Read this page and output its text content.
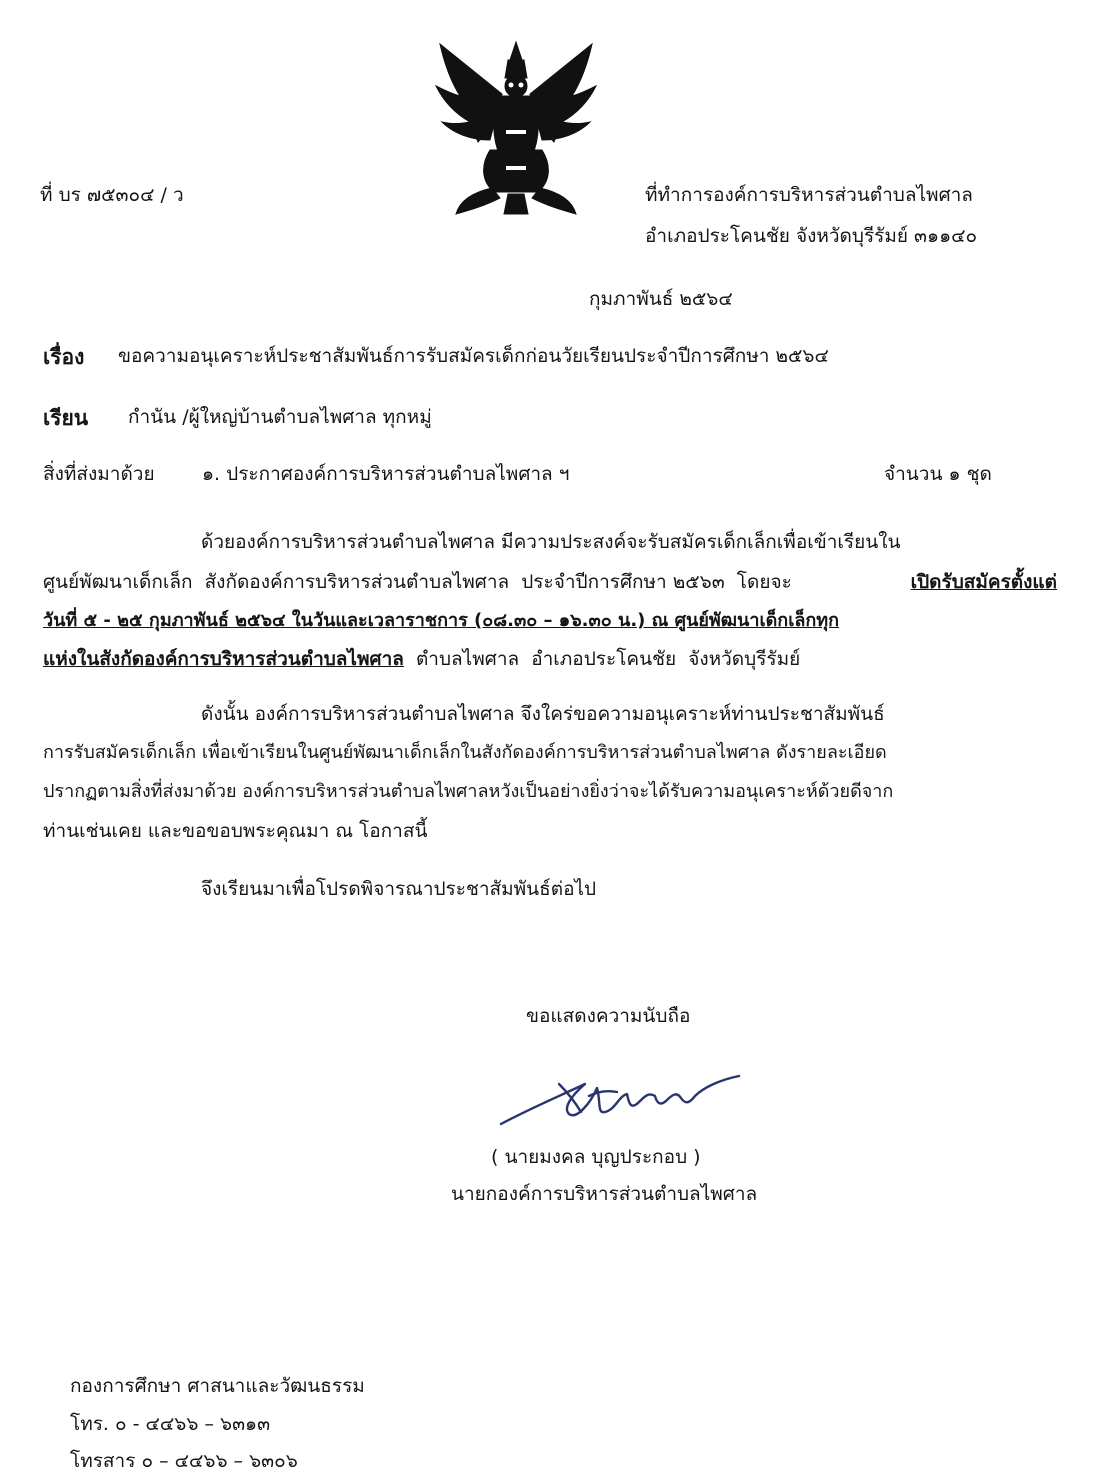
ที่ บร ๗๕๓๐๔ / ว	ที่ทำการองค์การบริหารส่วนตำบลไพศาล
อำเภอประโคนชัย จังหวัดบุรีรัมย์ ๓๑๑๔๐
กุมภาพันธ์ ๒๕๖๔
เรื่อง ขอความอนุเคราะห์ประชาสัมพันธ์การรับสมัครเด็กก่อนวัยเรียนประจำปีการศึกษา ๒๕๖๔
เรียน กำนัน /ผู้ใหญ่บ้านตำบลไพศาล ทุกหมู่
สิ่งที่ส่งมาด้วย ๑. ประกาศองค์การบริหารส่วนตำบลไพศาล ฯ	จำนวน ๑ ชุด
ด้วยองค์การบริหารส่วนตำบลไพศาล มีความประสงค์จะรับสมัครเด็กเล็กเพื่อเข้าเรียนใน
ศูนย์พัฒนาเด็กเล็ก  สังกัดองค์การบริหารส่วนตำบลไพศาล  ประจำปีการศึกษา ๒๕๖๓  โดยจะ	เปิดรับสมัครตั้งแต่
วันที่ ๕ - ๒๕ กุมภาพันธ์ ๒๕๖๔ ในวันและเวลาราชการ (๐๘.๓๐ – ๑๖.๓๐ น.) ณ ศูนย์พัฒนาเด็กเล็กทุก
แห่งในสังกัดองค์การบริหารส่วนตำบลไพศาล  ตำบลไพศาล  อำเภอประโคนชัย  จังหวัดบุรีรัมย์
ดังนั้น องค์การบริหารส่วนตำบลไพศาล จึงใคร่ขอความอนุเคราะห์ท่านประชาสัมพันธ์
การรับสมัครเด็กเล็ก เพื่อเข้าเรียนในศูนย์พัฒนาเด็กเล็กในสังกัดองค์การบริหารส่วนตำบลไพศาล ดังรายละเอียด
ปรากฏตามสิ่งที่ส่งมาด้วย องค์การบริหารส่วนตำบลไพศาลหวังเป็นอย่างยิ่งว่าจะได้รับความอนุเคราะห์ด้วยดีจาก
ท่านเช่นเคย และขอขอบพระคุณมา ณ โอกาสนี้
จึงเรียนมาเพื่อโปรดพิจารณาประชาสัมพันธ์ต่อไป
ขอแสดงความนับถือ
( นายมงคล บุญประกอบ )
นายกองค์การบริหารส่วนตำบลไพศาล
กองการศึกษา ศาสนาและวัฒนธรรม
โทร. ๐ - ๔๔๖๖ – ๖๓๑๓
โทรสาร ๐ – ๔๔๖๖ – ๖๓๐๖
